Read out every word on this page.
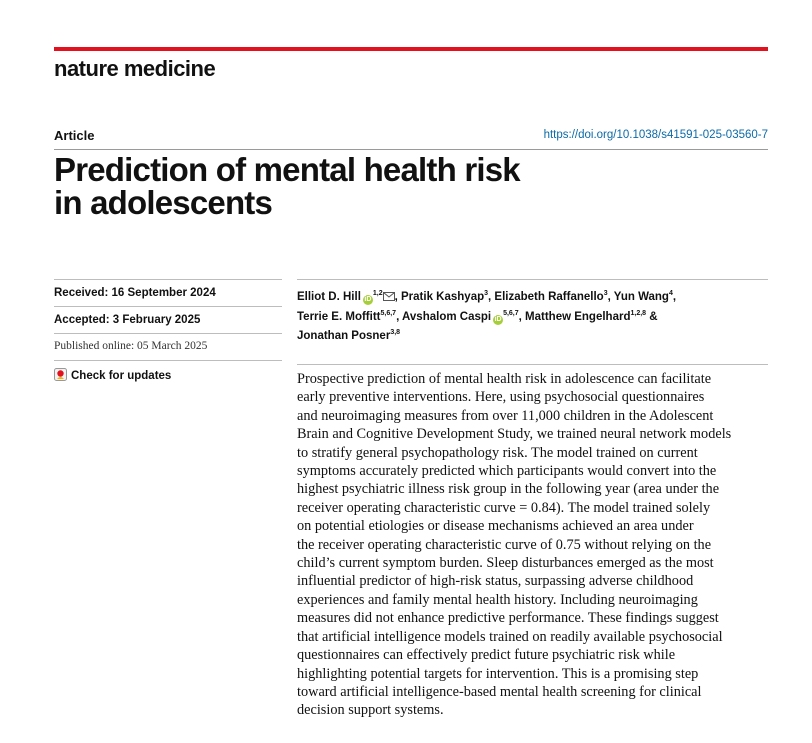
nature medicine
Article	https://doi.org/10.1038/s41591-025-03560-7
Prediction of mental health risk
in adolescents
Received: 16 September 2024
Accepted: 3 February 2025
Published online: 05 March 2025
Check for updates
Elliot D. Hill iD$^{1,2}$ , Pratik Kashyap$^3$, Elizabeth Raffanello$^3$, Yun Wang$^4$,
Terrie E. Moffitt$^{5,6,7}$, Avshalom Caspi iD$^{5,6,7}$, Matthew Engelhard$^{1,2,8}$ &
Jonathan Posner$^{3,8}$
Prospective prediction of mental health risk in adolescence can facilitate
early preventive interventions. Here, using psychosocial questionnaires
and neuroimaging measures from over 11,000 children in the Adolescent
Brain and Cognitive Development Study, we trained neural network models
to stratify general psychopathology risk. The model trained on current
symptoms accurately predicted which participants would convert into the
highest psychiatric illness risk group in the following year (area under the
receiver operating characteristic curve = 0.84). The model trained solely
on potential etiologies or disease mechanisms achieved an area under
the receiver operating characteristic curve of 0.75 without relying on the
child’s current symptom burden. Sleep disturbances emerged as the most
influential predictor of high-risk status, surpassing adverse childhood
experiences and family mental health history. Including neuroimaging
measures did not enhance predictive performance. These findings suggest
that artificial intelligence models trained on readily available psychosocial
questionnaires can effectively predict future psychiatric risk while
highlighting potential targets for intervention. This is a promising step
toward artificial intelligence-based mental health screening for clinical
decision support systems.
